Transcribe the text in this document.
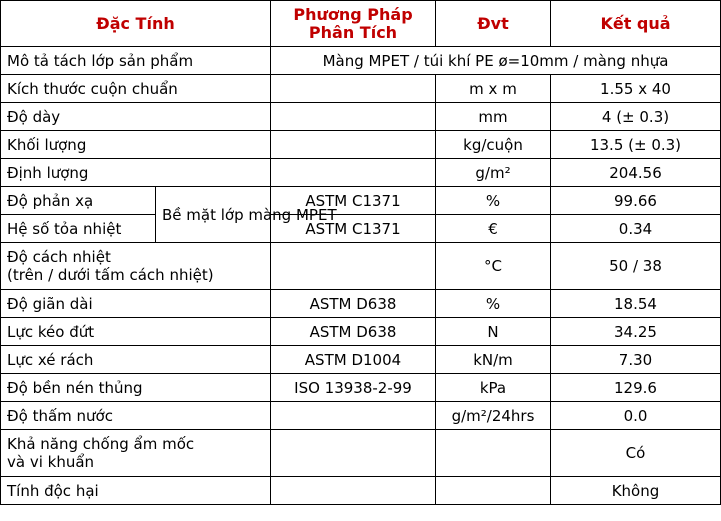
Đặc Tính		Phương Pháp Phân Tích	Đvt	Kết quả
Mô tả tách lớp sản phẩm		Màng MPET / túi khí PE ø=10mm / màng nhựa		
Kích thước cuộn chuẩn			m x m	1.55 x 40
Độ dày			mm	4 (± 0.3)
Khối lượng			kg/cuộn	13.5 (± 0.3)
Định lượng			g/m²	204.56
Độ phản xạ	Bề mặt lớp màng MPET	ASTM C1371	%	99.66
Hệ số tỏa nhiệt		ASTM C1371	€	0.34
Độ cách nhiệt
(trên / dưới tấm cách nhiệt)			°C	50 / 38
Độ giãn dài		ASTM D638	%	18.54
Lực kéo đứt		ASTM D638	N	34.25
Lực xé rách		ASTM D1004	kN/m	7.30
Độ bền nén thủng		ISO 13938-2-99	kPa	129.6
Độ thấm nước			g/m²/24hrs	0.0
Khả năng chống ẩm mốc
và vi khuẩn				Có
Tính độc hại				Không
